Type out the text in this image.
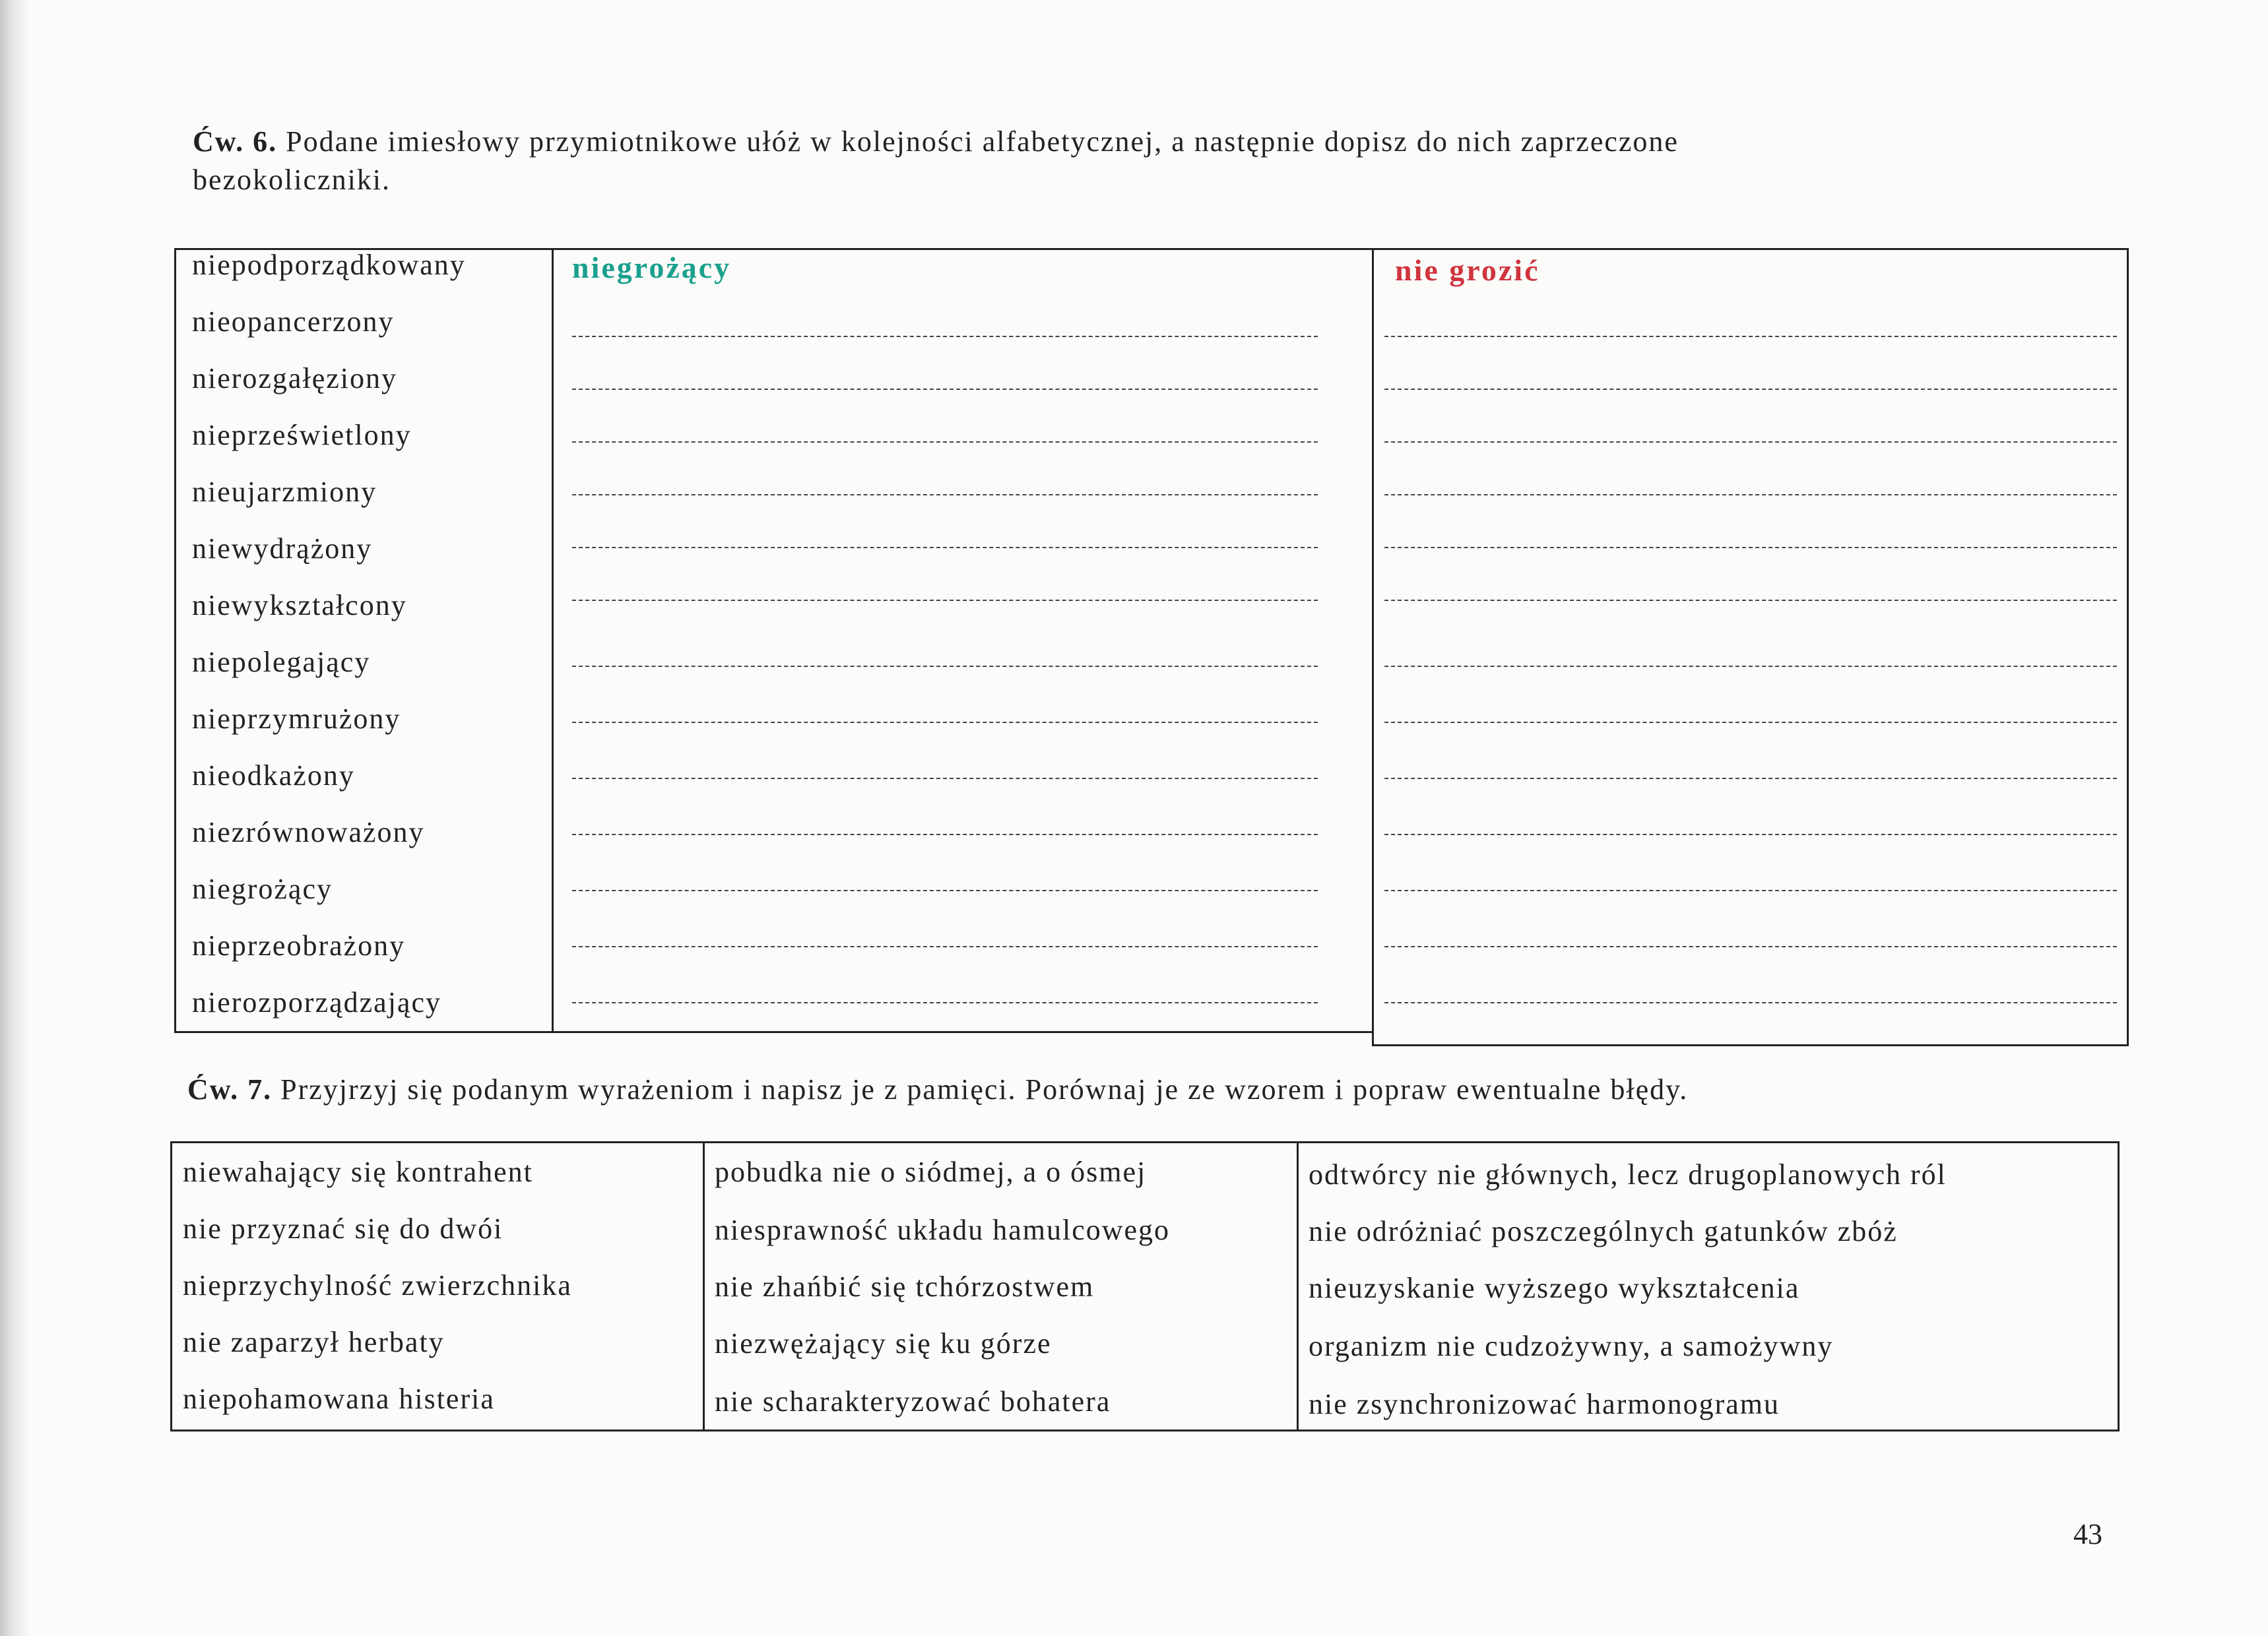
Ćw. 6. Podane imiesłowy przymiotnikowe ułóż w kolejności alfabetycznej, a następnie dopisz do nich zaprzeczone
bezokoliczniki.
niepodporządkowany
nieopancerzony
nierozgałęziony
nieprześwietlony
nieujarzmiony
niewydrążony
niewykształcony
niepolegający
nieprzymrużony
nieodkażony
niezrównoważony
niegrożący
nieprzeobrażony
nierozporządzający
niegrożący	nie grozić
Ćw. 7. Przyjrzyj się podanym wyrażeniom i napisz je z pamięci. Porównaj je ze wzorem i popraw ewentualne błędy.
niewahający się kontrahent
nie przyznać się do dwói
nieprzychylność zwierzchnika
nie zaparzył herbaty
niepohamowana histeria
pobudka nie o siódmej, a o ósmej
niesprawność układu hamulcowego
nie zhańbić się tchórzostwem
niezwężający się ku górze
nie scharakteryzować bohatera
odtwórcy nie głównych, lecz drugoplanowych ról
nie odróżniać poszczególnych gatunków zbóż
nieuzyskanie wyższego wykształcenia
organizm nie cudzożywny, a samożywny
nie zsynchronizować harmonogramu
43
